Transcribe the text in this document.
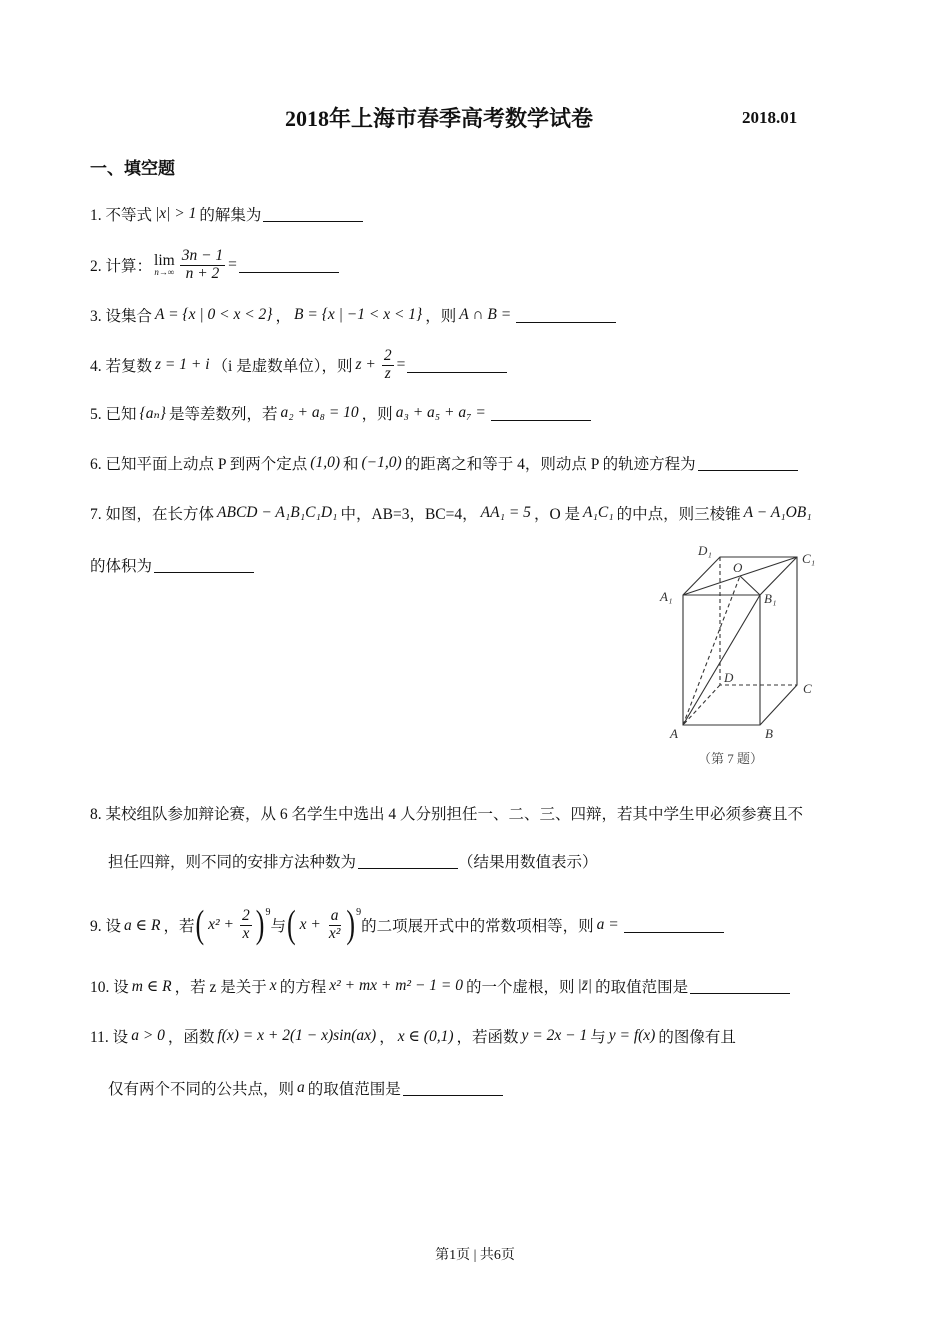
2018年上海市春季高考数学试卷	2018.01
一、填空题
1. 不等式 |x| > 1 的解集为
2. 计算： lim
$n\to\infty \frac{3n - 1}{n + 2}$ =
3. 设集合 A = {x | 0 < x < 2} ， B = {x | −1 < x < 1} ，则 A ∩ B =
4. 若复数 z = 1 + i （i 是虚数单位），则 $z + \frac{2}{z}$ =
5. 已知 {aₙ} 是等差数列，若 a₂ + a₈ = 10 ，则 a₃ + a₅ + a₇ =
6. 已知平面上动点 P 到两个定点 (1,0) 和 (−1,0) 的距离之和等于 4，则动点 P 的轨迹方程为
7. 如图，在长方体 ABCD − A₁B₁C₁D₁ 中，AB=3，BC=4， AA₁ = 5 ，O 是 A₁C₁ 的中点，则三棱锥 A − A₁OB₁
的体积为
8. 某校组队参加辩论赛，从 6 名学生中选出 4 人分别担任一、二、三、四辩，若其中学生甲必须参赛且不
担任四辩，则不同的安排方法种数为	（结果用数值表示）
9. 设 a ∈ R ，若 ( $x^2 + \frac{2}{x}$ ) 9
与 ( $x + \frac{a}{\text{x²}}$ ) 9
的二项展开式中的常数项相等，则 a =
10. 设 m ∈ R ，若 z 是关于 x 的方程 x² + mx + m² − 1 = 0 的一个虚根，则 |z̄| 的取值范围是
11. 设 a > 0 ，函数 f(x) = x + 2(1 − x)sin(ax) ， x ∈ (0,1) ，若函数 y = 2x − 1 与 y = f(x) 的图像有且
仅有两个不同的公共点，则 a 的取值范围是
A	B
C
D
A₁	B₁
C₁
D₁
O
（第 7 题）
第1页 | 共6页
